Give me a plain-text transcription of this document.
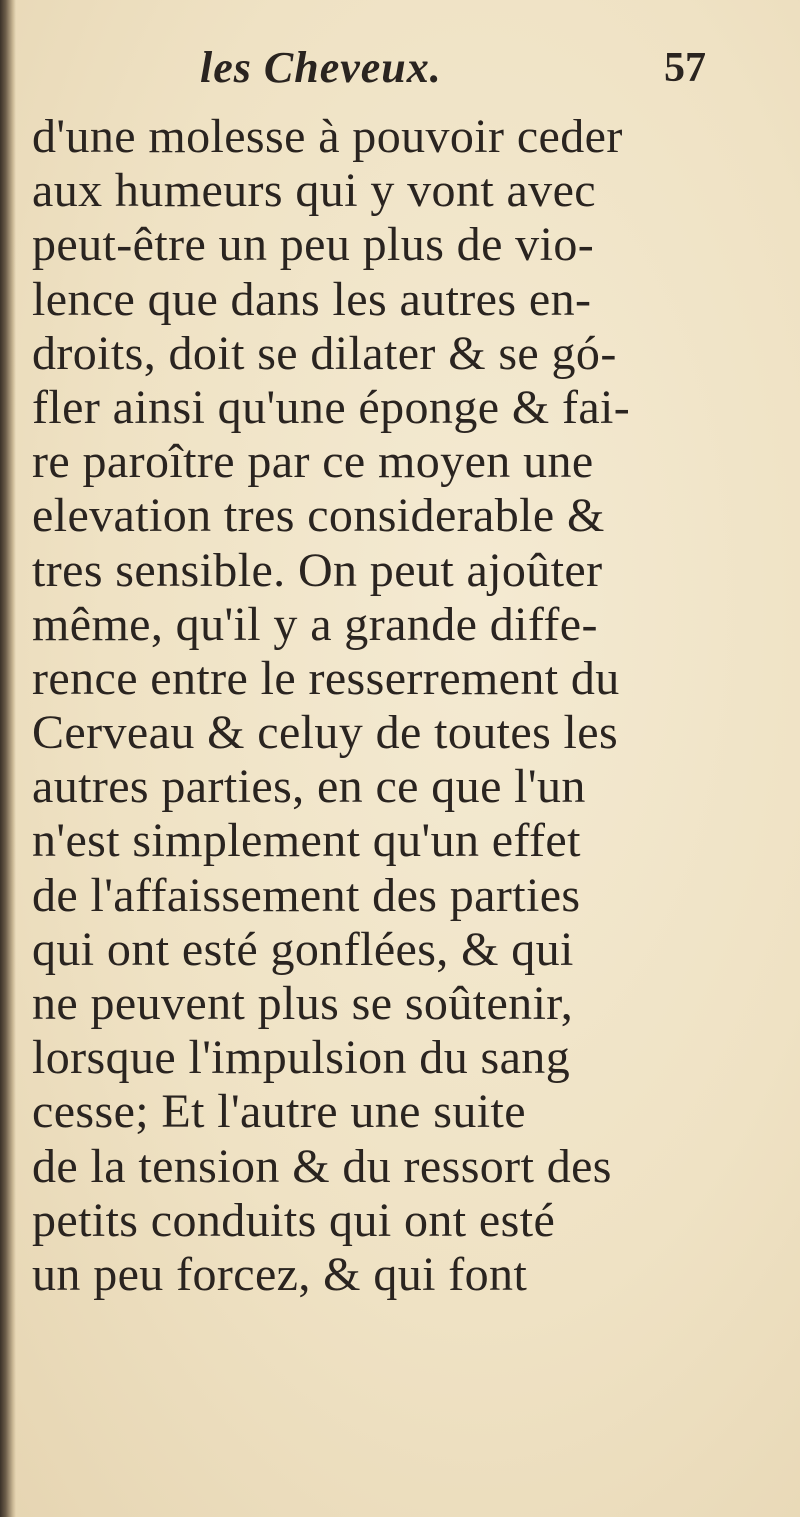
les Cheveux.	57
d'une molesse à pouvoir ceder
aux humeurs qui y vont avec
peut-être un peu plus de vio-
lence que dans les autres en-
droits, doit se dilater & se gó-
fler ainsi qu'une éponge & fai-
re paroître par ce moyen une
elevation tres considerable &
tres sensible. On peut ajoûter
même, qu'il y a grande diffe-
rence entre le resserrement du
Cerveau & celuy de toutes les
autres parties, en ce que l'un
n'est simplement qu'un effet
de l'affaissement des parties
qui ont esté gonflées, & qui
ne peuvent plus se soûtenir,
lorsque l'impulsion du sang
cesse; Et l'autre une suite
de la tension & du ressort des
petits conduits qui ont esté
un peu forcez, & qui font
